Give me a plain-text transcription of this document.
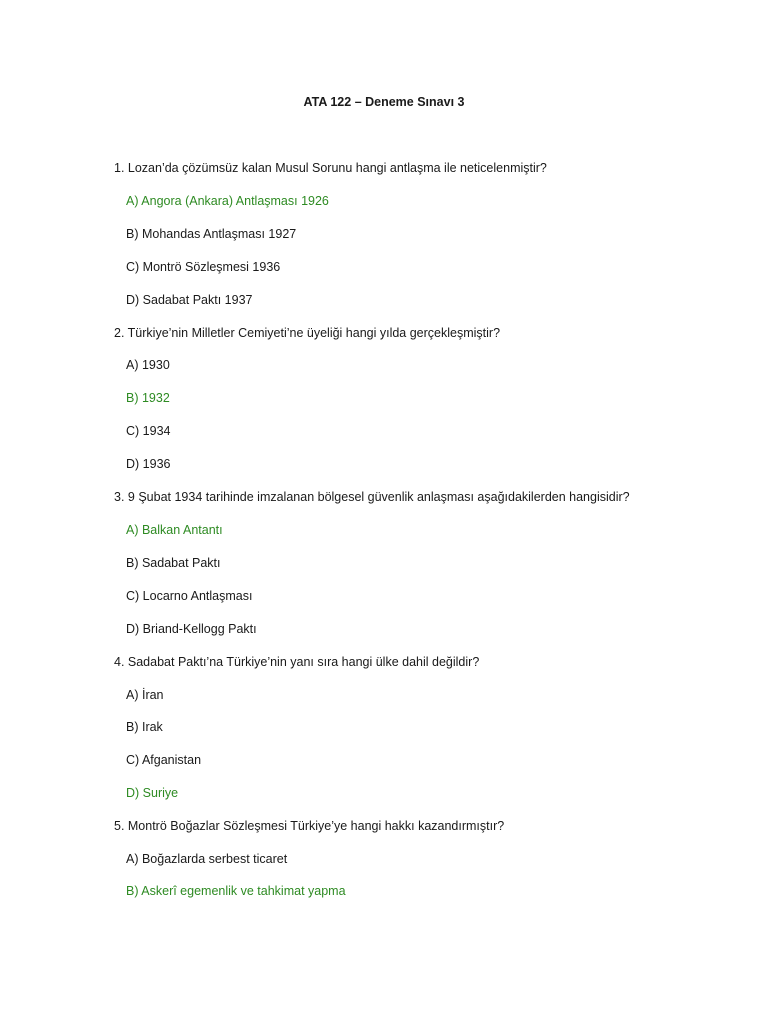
ATA 122 – Deneme Sınavı 3
1. Lozan’da çözümsüz kalan Musul Sorunu hangi antlaşma ile neticelenmiştir?
A) Angora (Ankara) Antlaşması 1926
B) Mohandas Antlaşması 1927
C) Montrö Sözleşmesi 1936
D) Sadabat Paktı 1937
2. Türkiye’nin Milletler Cemiyeti’ne üyeliği hangi yılda gerçekleşmiştir?
A) 1930
B) 1932
C) 1934
D) 1936
3. 9 Şubat 1934 tarihinde imzalanan bölgesel güvenlik anlaşması aşağıdakilerden hangisidir?
A) Balkan Antantı
B) Sadabat Paktı
C) Locarno Antlaşması
D) Briand-Kellogg Paktı
4. Sadabat Paktı’na Türkiye’nin yanı sıra hangi ülke dahil değildir?
A) İran
B) Irak
C) Afganistan
D) Suriye
5. Montrö Boğazlar Sözleşmesi Türkiye’ye hangi hakkı kazandırmıştır?
A) Boğazlarda serbest ticaret
B) Askerî egemenlik ve tahkimat yapma
